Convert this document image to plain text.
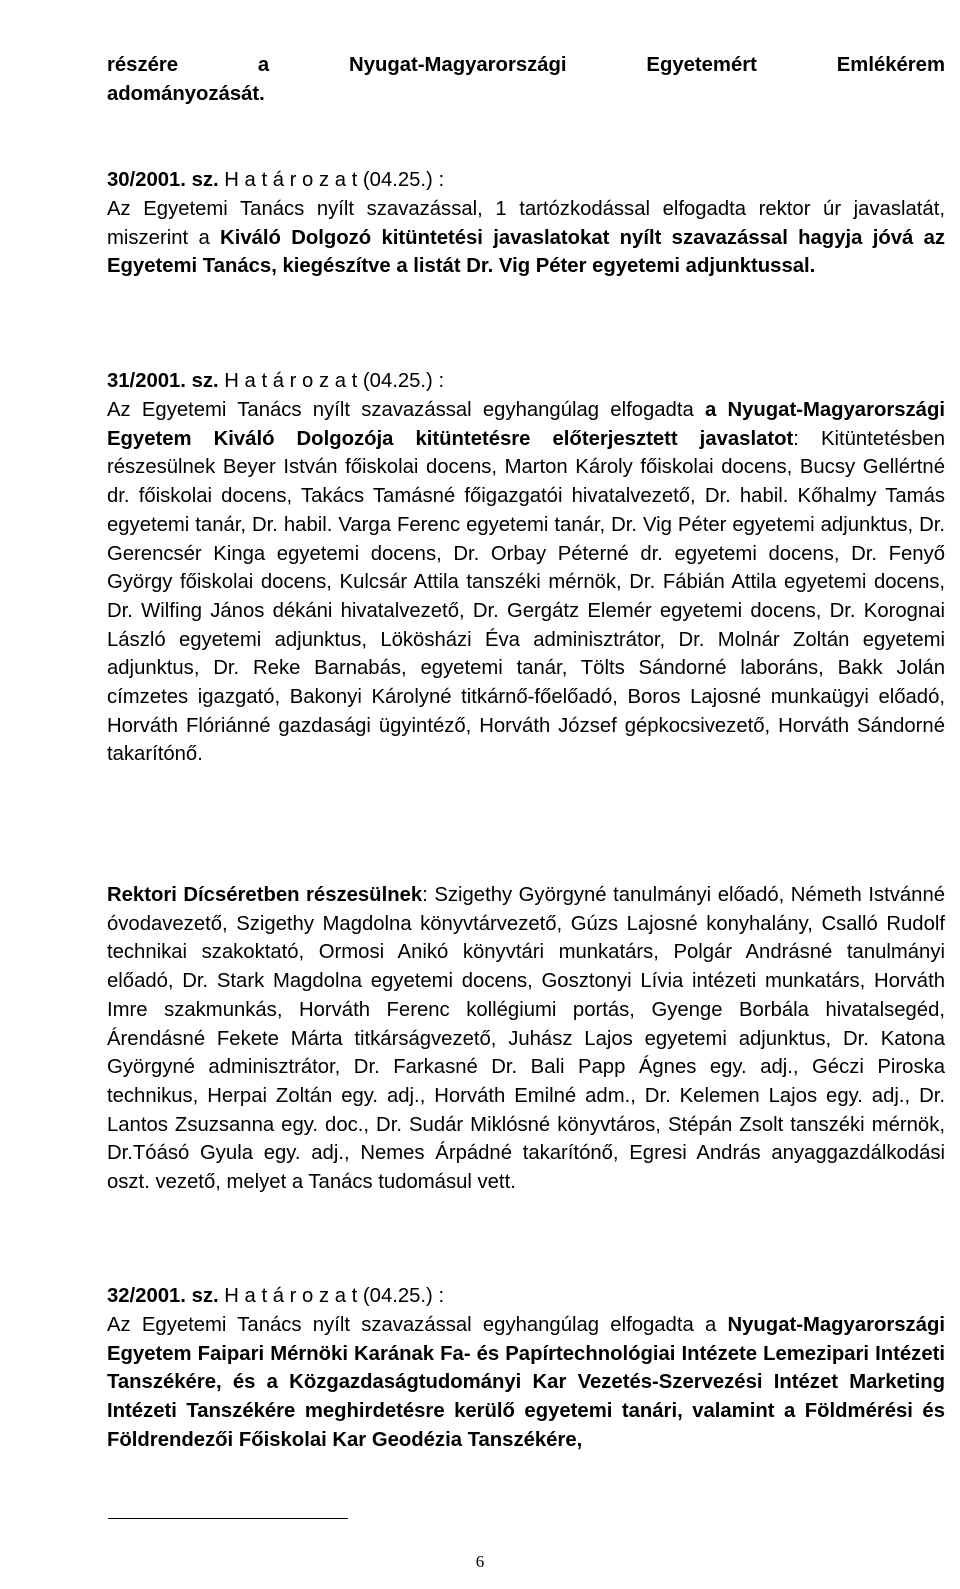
részére a Nyugat-Magyarországi Egyetemért Emlékérem
adományozását.
30/2001. sz. H a t á r o z a t (04.25.) :
Az Egyetemi Tanács nyílt szavazással, 1 tartózkodással elfogadta rektor úr javaslatát, miszerint a Kiváló Dolgozó kitüntetési javaslatokat nyílt szavazással hagyja jóvá az Egyetemi Tanács, kiegészítve a listát Dr. Vig Péter egyetemi adjunktussal.
31/2001. sz. H a t á r o z a t (04.25.) :
Az Egyetemi Tanács nyílt szavazással egyhangúlag elfogadta a Nyugat-Magyarországi Egyetem Kiváló Dolgozója kitüntetésre előterjesztett javaslatot: Kitüntetésben részesülnek Beyer István főiskolai docens, Marton Károly főiskolai docens, Bucsy Gellértné dr. főiskolai docens, Takács Tamásné főigazgatói hivatalvezető, Dr. habil. Kőhalmy Tamás egyetemi tanár, Dr. habil. Varga Ferenc egyetemi tanár, Dr. Vig Péter egyetemi adjunktus, Dr. Gerencsér Kinga egyetemi docens, Dr. Orbay Péterné dr. egyetemi docens, Dr. Fenyő György főiskolai docens, Kulcsár Attila tanszéki mérnök, Dr. Fábián Attila egyetemi docens, Dr. Wilfing János dékáni hivatalvezető, Dr. Gergátz Elemér egyetemi docens, Dr. Korognai László egyetemi adjunktus, Lökösházi Éva adminisztrátor, Dr. Molnár Zoltán egyetemi adjunktus, Dr. Reke Barnabás, egyetemi tanár, Tölts Sándorné laboráns, Bakk Jolán címzetes igazgató, Bakonyi Károlyné titkárnő-főelőadó, Boros Lajosné munkaügyi előadó, Horváth Flóriánné gazdasági ügyintéző, Horváth József gépkocsivezető, Horváth Sándorné takarítónő.
Rektori Dícséretben részesülnek: Szigethy Györgyné tanulmányi előadó, Németh Istvánné óvodavezető, Szigethy Magdolna könyvtárvezető, Gúzs Lajosné konyhalány, Csalló Rudolf technikai szakoktató, Ormosi Anikó könyvtári munkatárs, Polgár Andrásné tanulmányi előadó, Dr. Stark Magdolna egyetemi docens, Gosztonyi Lívia intézeti munkatárs, Horváth Imre szakmunkás, Horváth Ferenc kollégiumi portás, Gyenge Borbála hivatalsegéd, Árendásné Fekete Márta titkárságvezető, Juhász Lajos egyetemi adjunktus, Dr. Katona Györgyné adminisztrátor, Dr. Farkasné Dr. Bali Papp Ágnes egy. adj., Géczi Piroska technikus, Herpai Zoltán egy. adj., Horváth Emilné adm., Dr. Kelemen Lajos egy. adj., Dr. Lantos Zsuzsanna egy. doc., Dr. Sudár Miklósné könyvtáros, Stépán Zsolt tanszéki mérnök, Dr.Tóásó Gyula egy. adj., Nemes Árpádné takarítónő, Egresi András anyaggazdálkodási oszt. vezető, melyet a Tanács tudomásul vett.
32/2001. sz. H a t á r o z a t (04.25.) :
Az Egyetemi Tanács nyílt szavazással egyhangúlag elfogadta a Nyugat-Magyarországi Egyetem Faipari Mérnöki Karának Fa- és Papírtechnológiai Intézete Lemezipari Intézeti Tanszékére, és a Közgazdaságtudományi Kar Vezetés-Szervezési Intézet Marketing Intézeti Tanszékére meghirdetésre kerülő egyetemi tanári, valamint a Földmérési és Földrendezői Főiskolai Kar Geodézia Tanszékére,
6
